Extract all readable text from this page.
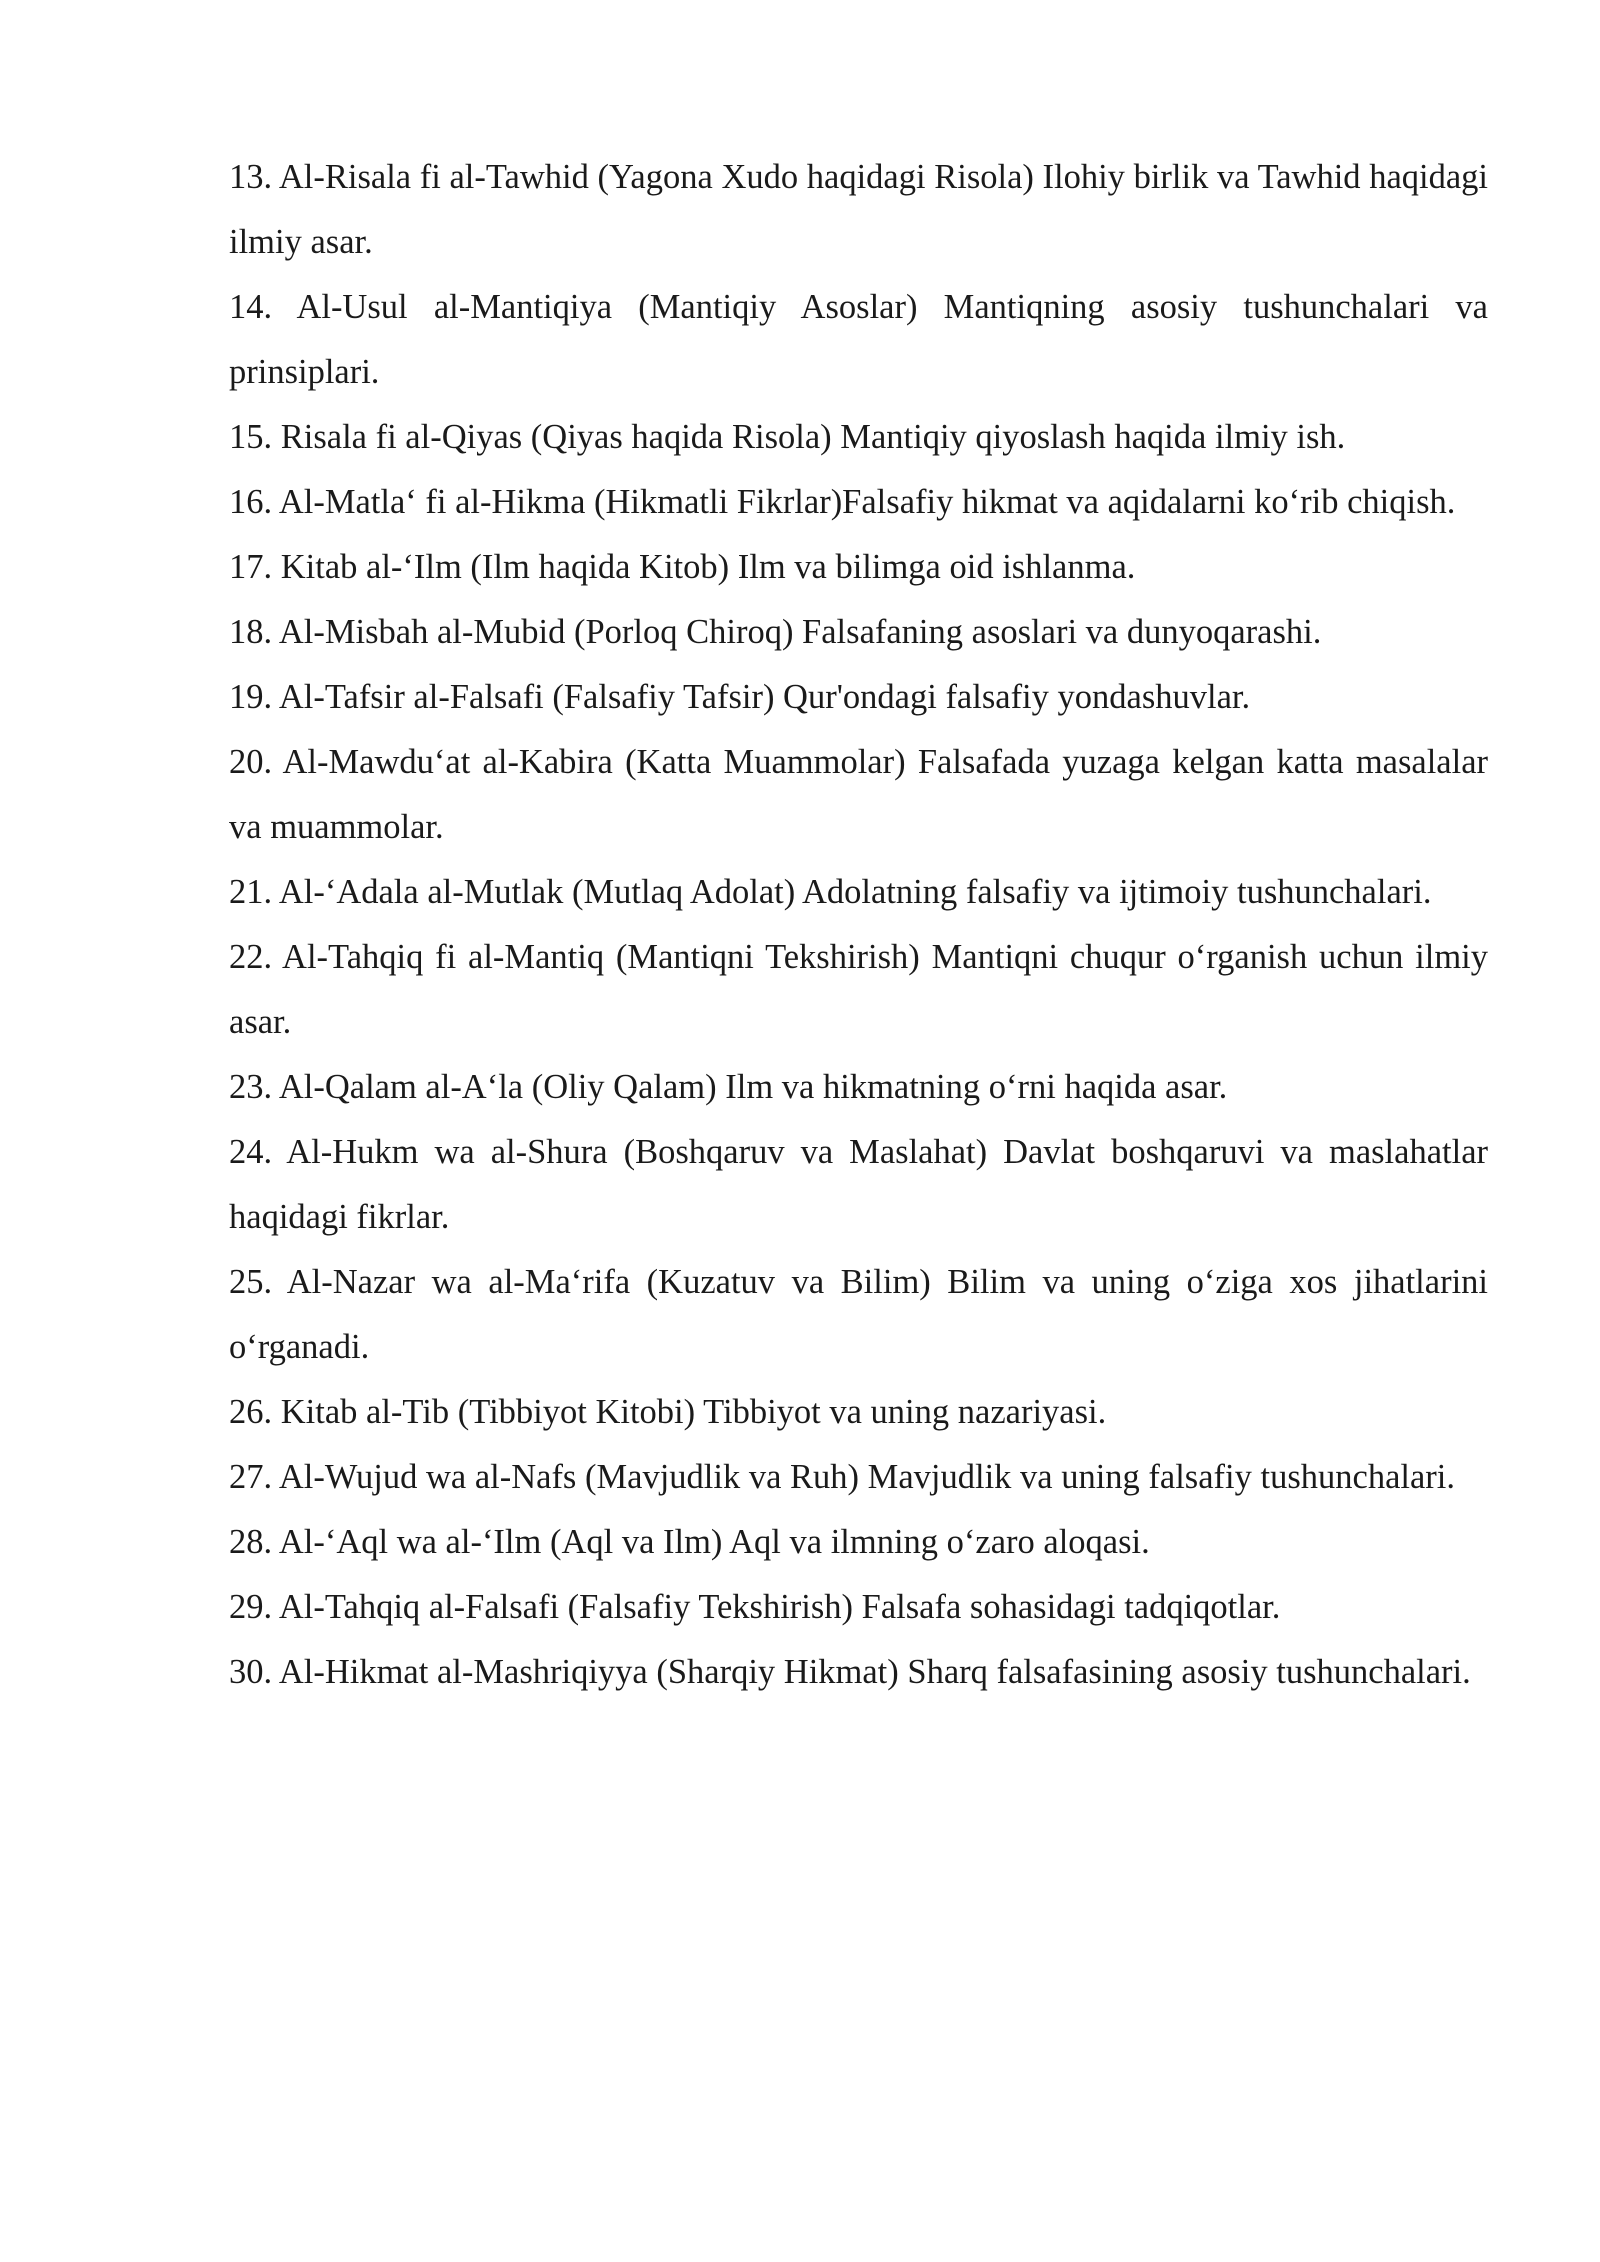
13. Al-Risala fi al-Tawhid (Yagona Xudo haqidagi Risola) Ilohiy birlik va Tawhid haqidagi ilmiy asar.

14. Al-Usul al-Mantiqiya (Mantiqiy Asoslar) Mantiqning asosiy tushunchalari va prinsiplari.

15. Risala fi al-Qiyas (Qiyas haqida Risola) Mantiqiy qiyoslash haqida ilmiy ish.

16. Al-Matla‘ fi al-Hikma (Hikmatli Fikrlar)Falsafiy hikmat va aqidalarni ko‘rib chiqish.

17. Kitab al-‘Ilm (Ilm haqida Kitob) Ilm va bilimga oid ishlanma.

18. Al-Misbah al-Mubid (Porloq Chiroq) Falsafaning asoslari va dunyoqarashi.

19. Al-Tafsir al-Falsafi (Falsafiy Tafsir) Qur'ondagi falsafiy yondashuvlar.

20. Al-Mawdu‘at al-Kabira (Katta Muammolar) Falsafada yuzaga kelgan katta masalalar va muammolar.

21. Al-‘Adala al-Mutlak (Mutlaq Adolat) Adolatning falsafiy va ijtimoiy tushunchalari.

22. Al-Tahqiq fi al-Mantiq (Mantiqni Tekshirish) Mantiqni chuqur o‘rganish uchun ilmiy asar.

23. Al-Qalam al-A‘la (Oliy Qalam) Ilm va hikmatning o‘rni haqida asar.

24. Al-Hukm wa al-Shura (Boshqaruv va Maslahat) Davlat boshqaruvi va maslahatlar haqidagi fikrlar.

25. Al-Nazar wa al-Ma‘rifa (Kuzatuv va Bilim) Bilim va uning o‘ziga xos jihatlarini o‘rganadi.

26. Kitab al-Tib (Tibbiyot Kitobi) Tibbiyot va uning nazariyasi.

27. Al-Wujud wa al-Nafs (Mavjudlik va Ruh) Mavjudlik va uning falsafiy tushunchalari.

28. Al-‘Aql wa al-‘Ilm (Aql va Ilm) Aql va ilmning o‘zaro aloqasi.

29. Al-Tahqiq al-Falsafi (Falsafiy Tekshirish) Falsafa sohasidagi tadqiqotlar.

30. Al-Hikmat al-Mashriqiyya (Sharqiy Hikmat) Sharq falsafasining asosiy tushunchalari.
